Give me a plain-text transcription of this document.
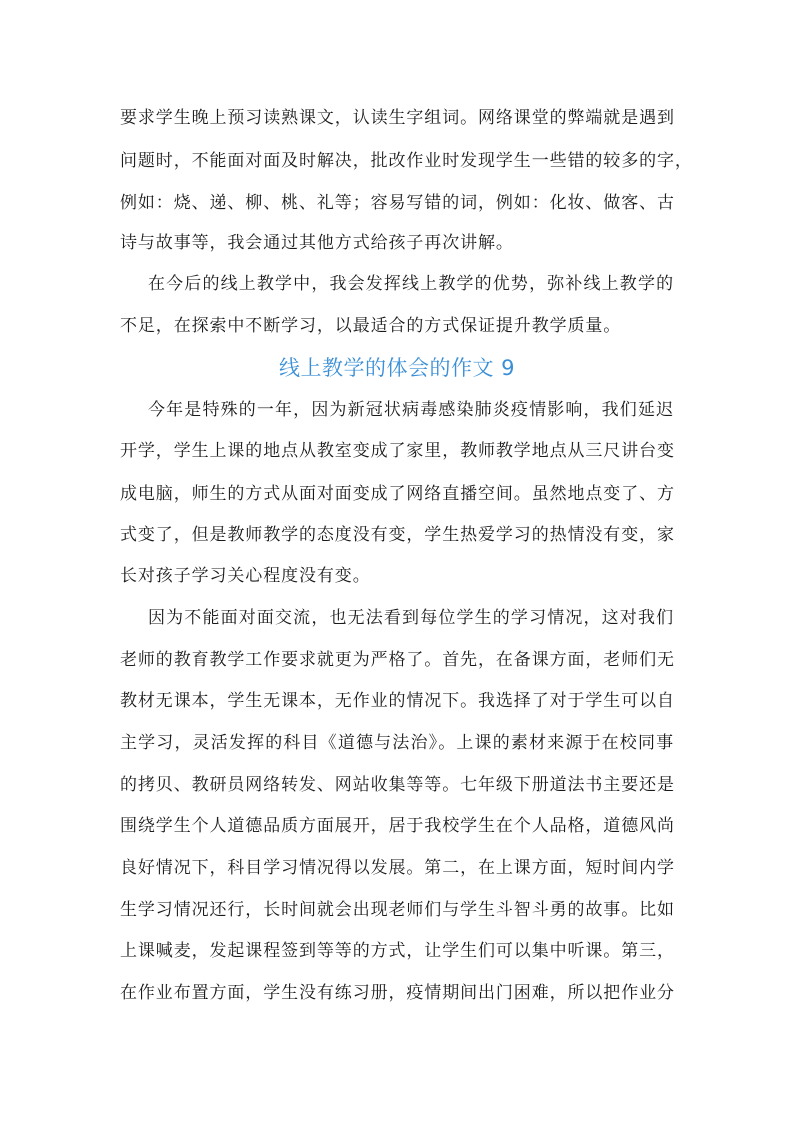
要求学生晚上预习读熟课文，认读生字组词。网络课堂的弊端就是遇到
问题时，不能面对面及时解决，批改作业时发现学生一些错的较多的字，
例如：烧、递、柳、桃、礼等；容易写错的词，例如：化妆、做客、古
诗与故事等，我会通过其他方式给孩子再次讲解。
在今后的线上教学中，我会发挥线上教学的优势，弥补线上教学的
不足，在探索中不断学习，以最适合的方式保证提升教学质量。
线上教学的体会的作文 9
今年是特殊的一年，因为新冠状病毒感染肺炎疫情影响，我们延迟
开学，学生上课的地点从教室变成了家里，教师教学地点从三尺讲台变
成电脑，师生的方式从面对面变成了网络直播空间。虽然地点变了、方
式变了，但是教师教学的态度没有变，学生热爱学习的热情没有变，家
长对孩子学习关心程度没有变。
因为不能面对面交流，也无法看到每位学生的学习情况，这对我们
老师的教育教学工作要求就更为严格了。首先，在备课方面，老师们无
教材无课本，学生无课本，无作业的情况下。我选择了对于学生可以自
主学习，灵活发挥的科目《道德与法治》。上课的素材来源于在校同事
的拷贝、教研员网络转发、网站收集等等。七年级下册道法书主要还是
围绕学生个人道德品质方面展开，居于我校学生在个人品格，道德风尚
良好情况下，科目学习情况得以发展。第二，在上课方面，短时间内学
生学习情况还行，长时间就会出现老师们与学生斗智斗勇的故事。比如
上课喊麦，发起课程签到等等的方式，让学生们可以集中听课。第三，
在作业布置方面，学生没有练习册，疫情期间出门困难，所以把作业分
